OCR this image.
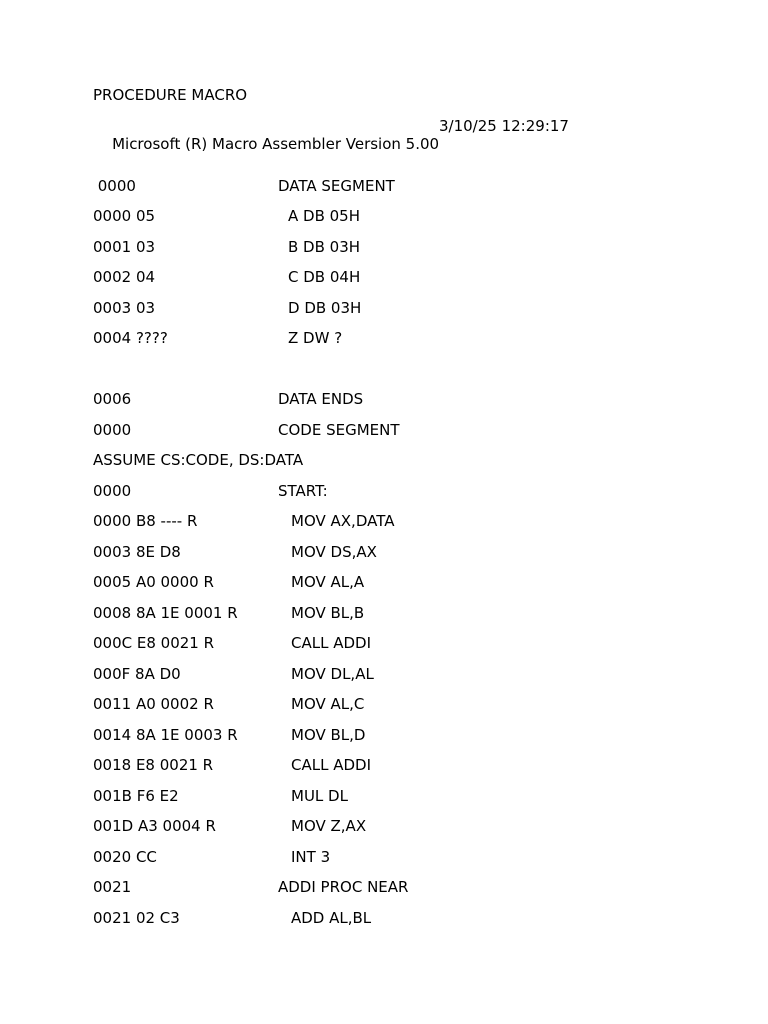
PROCEDURE MACRO

Microsoft (R) Macro Assembler Version 5.00

3/10/25 12:29:17

0000	DATA SEGMENT
0000 05	A DB 05H
0001 03	B DB 03H
0002 04	C DB 04H
0003 03	D DB 03H
0004 ????	Z DW ?
0006	DATA ENDS
0000	CODE SEGMENT
ASSUME CS:CODE, DS:DATA
0000	START:
0000 B8 ---- R	MOV AX,DATA
0003 8E D8	MOV DS,AX
0005 A0 0000 R	MOV AL,A
0008 8A 1E 0001 R	MOV BL,B
000C E8 0021 R	CALL ADDI
000F 8A D0	MOV DL,AL
0011 A0 0002 R	MOV AL,C
0014 8A 1E 0003 R	MOV BL,D
0018 E8 0021 R	CALL ADDI
001B F6 E2	MUL DL
001D A3 0004 R	MOV Z,AX
0020 CC	INT 3
0021	ADDI PROC NEAR
0021 02 C3	ADD AL,BL
